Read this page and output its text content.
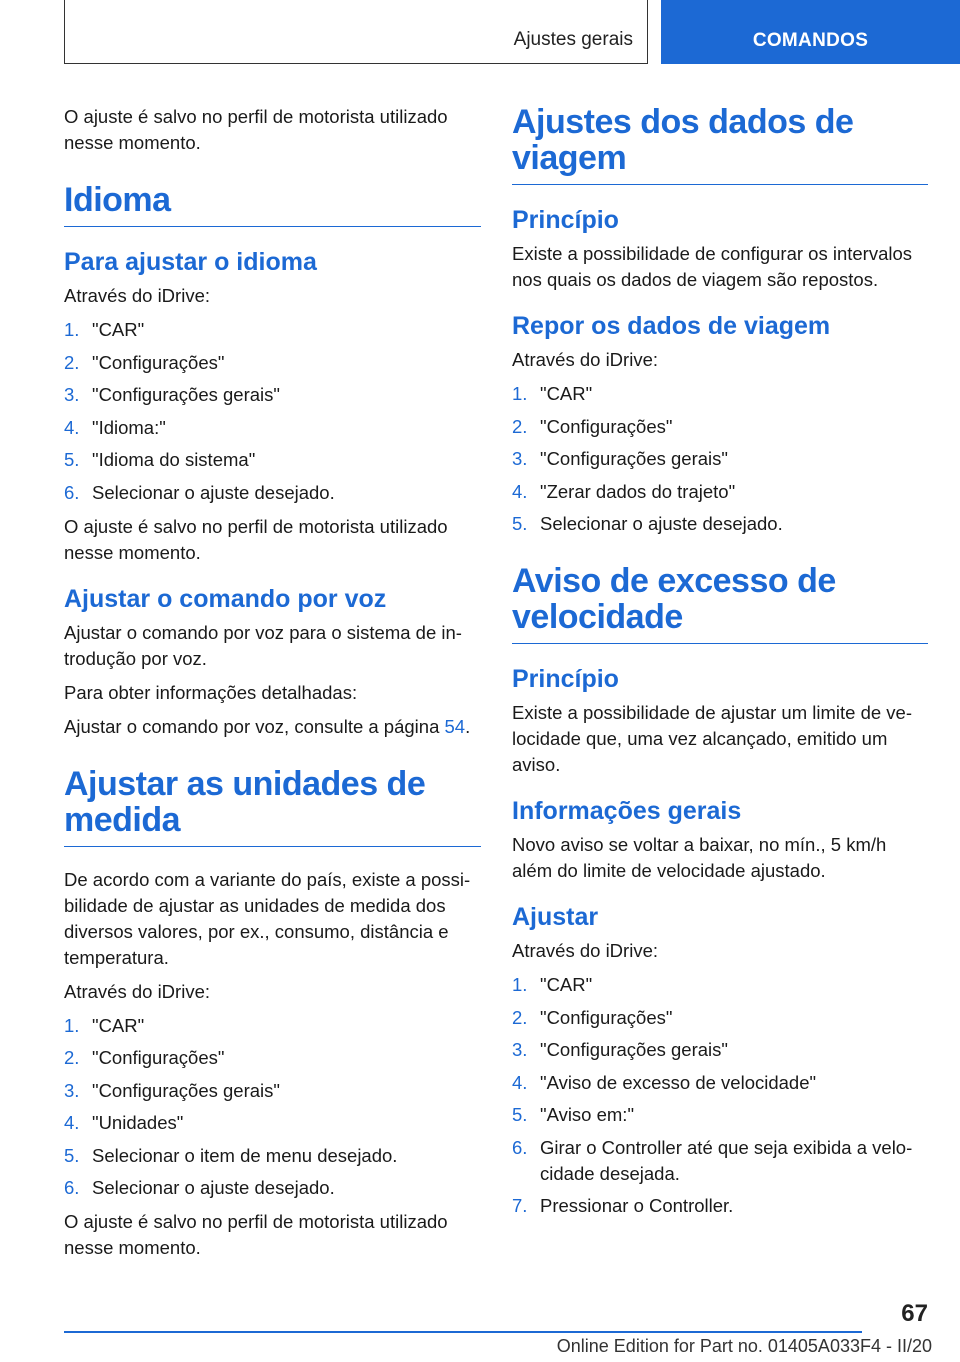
Ajustes gerais	COMANDOS

O ajuste é salvo no perfil de motorista utilizado nesse momento.

Idioma
Para ajustar o idioma

Através do iDrive:

1. "CAR"
2. "Configurações"
3. "Configurações gerais"
4. "Idioma:"
5. "Idioma do sistema"
6. Selecionar o ajuste desejado.

O ajuste é salvo no perfil de motorista utilizado nesse momento.

Ajustar o comando por voz

Ajustar o comando por voz para o sistema de in-trodução por voz.

Para obter informações detalhadas:

Ajustar o comando por voz, consulte a página 54.

Ajustar as unidades de medida

De acordo com a variante do país, existe a possi-bilidade de ajustar as unidades de medida dos diversos valores, por ex., consumo, distância e temperatura.

Através do iDrive:

1. "CAR"
2. "Configurações"
3. "Configurações gerais"
4. "Unidades"
5. Selecionar o item de menu desejado.
6. Selecionar o ajuste desejado.

O ajuste é salvo no perfil de motorista utilizado nesse momento.

Ajustes dos dados de viagem
Princípio

Existe a possibilidade de configurar os intervalos nos quais os dados de viagem são repostos.

Repor os dados de viagem

Através do iDrive:

1. "CAR"
2. "Configurações"
3. "Configurações gerais"
4. "Zerar dados do trajeto"
5. Selecionar o ajuste desejado.
Aviso de excesso de velocidade
Princípio

Existe a possibilidade de ajustar um limite de ve-locidade que, uma vez alcançado, emitido um aviso.

Informações gerais

Novo aviso se voltar a baixar, no mín., 5 km/h além do limite de velocidade ajustado.

Ajustar

Através do iDrive:

1. "CAR"
2. "Configurações"
3. "Configurações gerais"
4. "Aviso de excesso de velocidade"
5. "Aviso em:"
6. Girar o Controller até que seja exibida a velo-cidade desejada.
7. Pressionar o Controller.
67
Online Edition for Part no. 01405A033F4 - II/20
